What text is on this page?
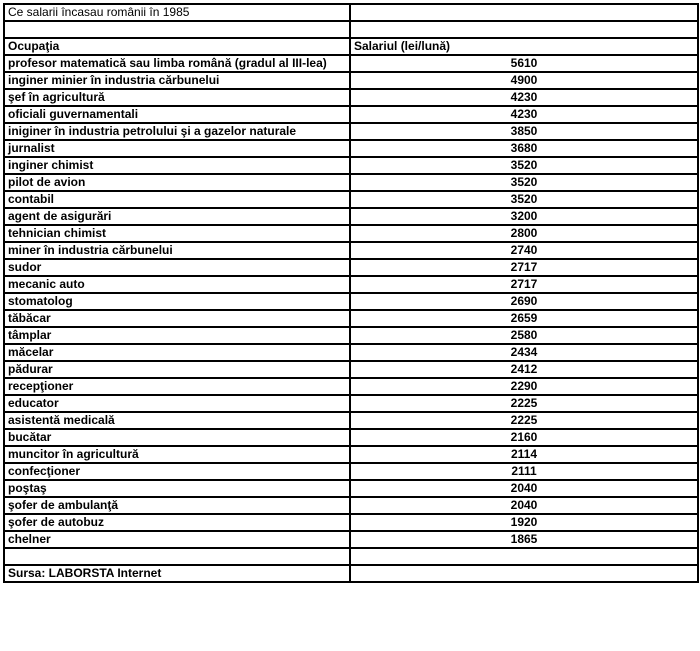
Ce salarii încasau românii în 1985	

Ocupaţia	Salariul (lei/lună)
profesor matematică sau limba română (gradul al III-lea)	5610
inginer minier în industria cărbunelui	4900
şef în agricultură	4230
oficiali guvernamentali	4230
iniginer în industria petrolului şi a gazelor naturale	3850
jurnalist	3680
inginer chimist	3520
pilot de avion	3520
contabil	3520
agent de asigurări	3200
tehnician chimist	2800
miner în industria cărbunelui	2740
sudor	2717
mecanic auto	2717
stomatolog	2690
tăbăcar	2659
tâmplar	2580
măcelar	2434
pădurar	2412
recepţioner	2290
educator	2225
asistentă medicală	2225
bucătar	2160
muncitor în agricultură	2114
confecţioner	2111
poştaş	2040
şofer de ambulanţă	2040
şofer de autobuz	1920
chelner	1865

Sursa: LABORSTA Internet	
